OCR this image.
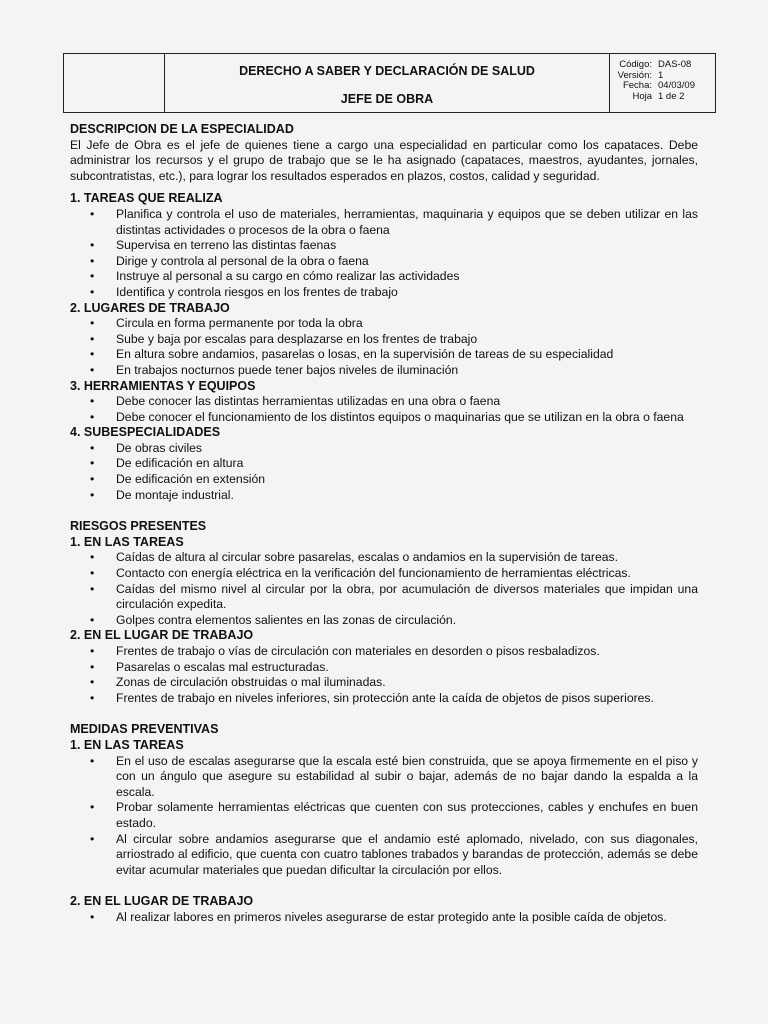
DERECHO A SABER Y DECLARACIÓN DE SALUD
JEFE DE OBRA
Código: DAS-08
Versión: 1
Fecha: 04/03/09
Hoja 1 de 2
DESCRIPCION DE LA ESPECIALIDAD

El Jefe de Obra es el jefe de quienes tiene a cargo una especialidad en particular como los capataces. Debe administrar los recursos y el grupo de trabajo que se le ha asignado (capataces, maestros, ayudantes, jornales, subcontratistas, etc.), para lograr los resultados esperados en plazos, costos, calidad y seguridad.

1. TAREAS QUE REALIZA
• Planifica y controla el uso de materiales, herramientas, maquinaria y equipos que se deben utilizar en las distintas actividades o procesos de la obra o faena
• Supervisa en terreno las distintas faenas
• Dirige y controla al personal de la obra o faena
• Instruye al personal a su cargo en cómo realizar las actividades
• Identifica y controla riesgos en los frentes de trabajo
2. LUGARES DE TRABAJO
• Circula en forma permanente por toda la obra
• Sube y baja por escalas para desplazarse en los frentes de trabajo
• En altura sobre andamios, pasarelas o losas, en la supervisión de tareas de su especialidad
• En trabajos nocturnos puede tener bajos niveles de iluminación
3. HERRAMIENTAS Y EQUIPOS
• Debe conocer las distintas herramientas utilizadas en una obra o faena
• Debe conocer el funcionamiento de los distintos equipos o maquinarias que se utilizan en la obra o faena
4. SUBESPECIALIDADES
• De obras civiles
• De edificación en altura
• De edificación en extensión
• De montaje industrial.
RIESGOS PRESENTES
1. EN LAS TAREAS
• Caídas de altura al circular sobre pasarelas, escalas o andamios en la supervisión de tareas.
• Contacto con energía eléctrica en la verificación del funcionamiento de herramientas eléctricas.
• Caídas del mismo nivel al circular por la obra, por acumulación de diversos materiales que impidan una circulación expedita.
• Golpes contra elementos salientes en las zonas de circulación.
2. EN EL LUGAR DE TRABAJO
• Frentes de trabajo o vías de circulación con materiales en desorden o pisos resbaladizos.
• Pasarelas o escalas mal estructuradas.
• Zonas de circulación obstruidas o mal iluminadas.
• Frentes de trabajo en niveles inferiores, sin protección ante la caída de objetos de pisos superiores.
MEDIDAS PREVENTIVAS
1. EN LAS TAREAS
• En el uso de escalas asegurarse que la escala esté bien construida, que se apoya firmemente en el piso y con un ángulo que asegure su estabilidad al subir o bajar, además de no bajar dando la espalda a la escala.
• Probar solamente herramientas eléctricas que cuenten con sus protecciones, cables y enchufes en buen estado.
• Al circular sobre andamios asegurarse que el andamio esté aplomado, nivelado, con sus diagonales, arriostrado al edificio, que cuenta con cuatro tablones trabados y barandas de protección, además se debe evitar acumular materiales que puedan dificultar la circulación por ellos.
2. EN EL LUGAR DE TRABAJO
• Al realizar labores en primeros niveles asegurarse de estar protegido ante la posible caída de objetos.
